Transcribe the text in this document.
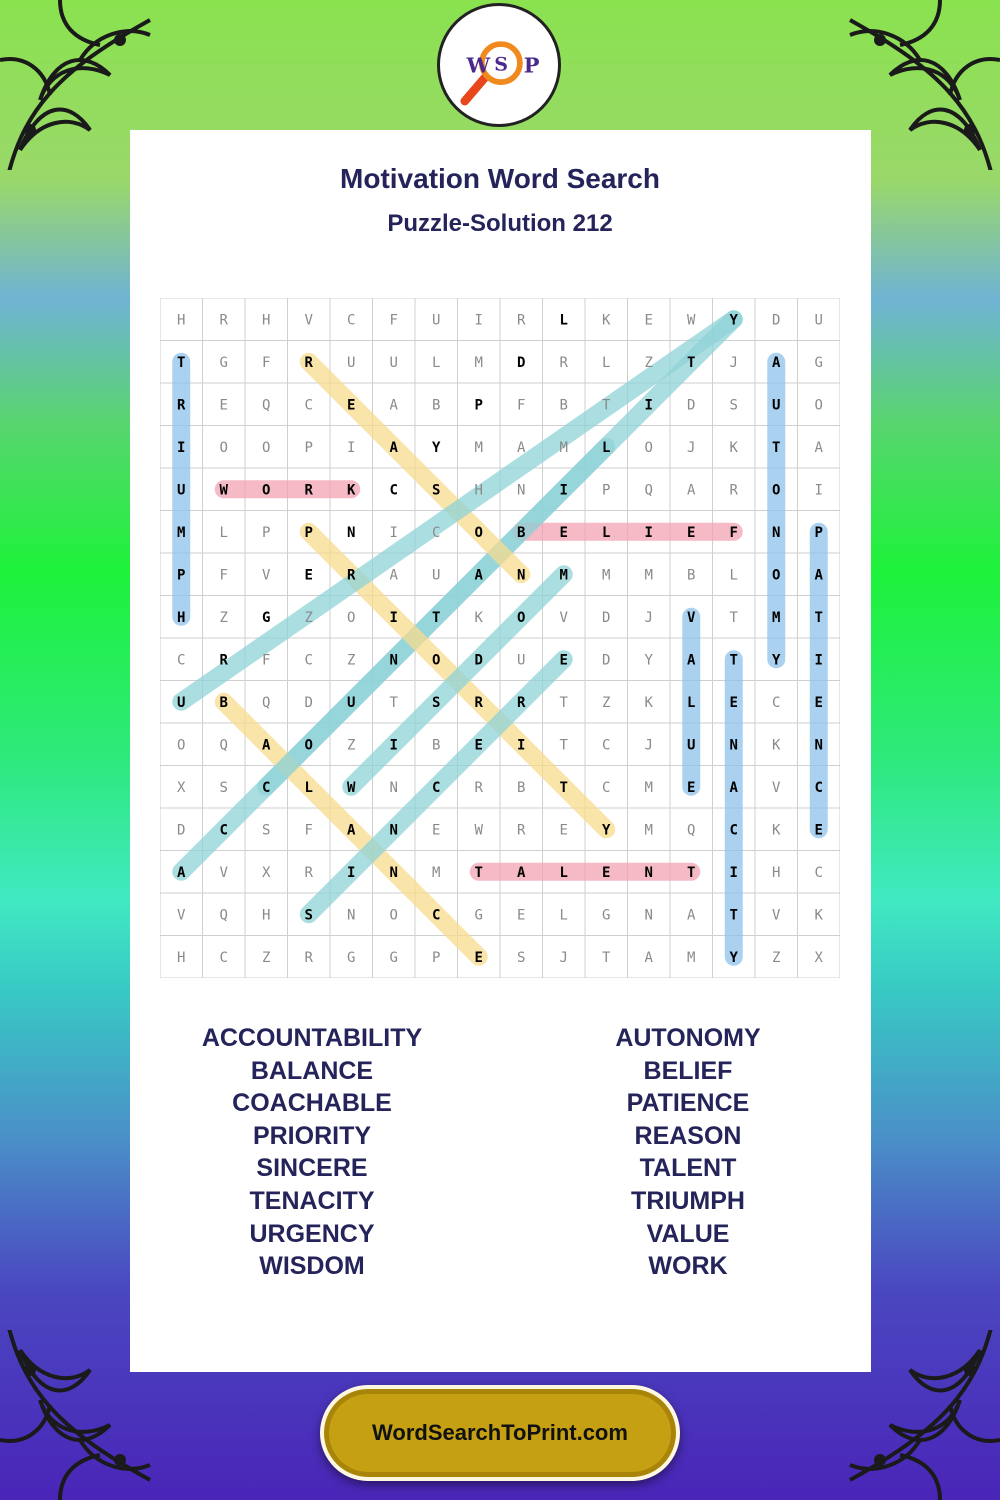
W S P
Motivation Word Search
Puzzle-Solution 212
H R H V C F U I R L K E W Y D U
T G F R U U L M D R L Z T J A G
R E Q C E A B P F B T I D S U O
I O O P I A Y M A M L O J K T A
U W O R K C S H N I P Q A R O I
M L P P N I C O B E L I E F N P
P F V E R A U A N M M M B L O A
H Z G Z O I T K O V D J V T M T
C R F C Z N O D U E D Y A T Y I
U B Q D U T S R R T Z K L E C E
O Q A O Z I B E I T C J U N K N
X S C L W N C R B T C M E A V C
D C S F A N E W R E Y M Q C K E
A V X R I N M T A L E N T I H C
V Q H S N O C G E L G N A T V K
H C Z R G G P E S J T A M Y Z X
ACCOUNTABILITY
BALANCE
COACHABLE
PRIORITY
SINCERE
TENACITY
URGENCY
WISDOM
AUTONOMY
BELIEF
PATIENCE
REASON
TALENT
TRIUMPH
VALUE
WORK
WordSearchToPrint.com
